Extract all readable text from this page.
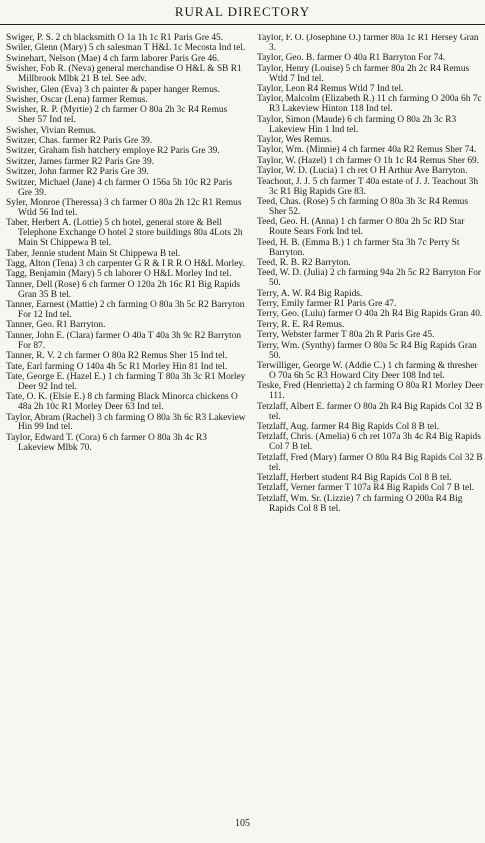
RURAL DIRECTORY

Swiger, P. S. 2 ch blacksmith O 1a 1h 1c R1 Paris Gre 45.

Swiler, Glenn (Mary) 5 ch salesman T H&L 1c Mecosta Ind tel.

Swinehart, Nelson (Mae) 4 ch farm laborer Paris Gre 46.

Swisher, Fob R. (Neva) general merchandise O H&L & SB R1 Millbrook Mlbk 21 B tel. See adv.

Swisher, Glen (Eva) 3 ch painter & paper hanger Remus.

Swisher, Oscar (Lena) farmer Remus.

Swisher, R. P. (Myrtie) 2 ch farmer O 80a 2h 3c R4 Remus Sher 57 Ind tel.

Swisher, Vivian Remus.

Switzer, Chas. farmer R2 Paris Gre 39.

Switzer, Graham fish hatchery employe R2 Paris Gre 39.

Switzer, James farmer R2 Paris Gre 39.

Switzer, John farmer R2 Paris Gre 39.

Switzer, Michael (Jane) 4 ch farmer O 156a 5h 10c R2 Paris Gre 39.

Syler, Monroe (Theressa) 3 ch farmer O 80a 2h 12c R1 Remus Wtld 56 Ind tel.

Taber, Herbert A. (Lottie) 5 ch hotel, general store & Bell Telephone Exchange O hotel 2 store buildings 80a 4Lots 2h Main St Chippewa B tel.

Taber, Jennie student Main St Chippewa B tel.

Tagg, Alton (Tena) 3 ch carpenter G R & I R R O H&L Morley.

Tagg, Benjamin (Mary) 5 ch laborer O H&L Morley Ind tel.

Tanner, Dell (Rose) 6 ch farmer O 120a 2h 16c R1 Big Rapids Gran 35 B tel.

Tanner, Earnest (Mattie) 2 ch farming O 80a 3h 5c R2 Barryton For 12 Ind tel.

Tanner, Geo. R1 Barryton.

Tanner, John E. (Clara) farmer O 40a T 40a 3h 9c R2 Barryton For 87.

Tanner, R. V. 2 ch farmer O 80a R2 Remus Sher 15 Ind tel.

Tate, Earl farming O 140a 4h 5c R1 Morley Hin 81 Ind tel.

Tate, George E. (Hazel E.) 1 ch farming T 80a 3h 3c R1 Morley Deer 92 Ind tel.

Tate, O. K. (Elsie E.) 8 ch farming Black Minorca chickens O 48a 2h 10c R1 Morley Deer 63 Ind tel.

Taylor, Abram (Rachel) 3 ch farming O 80a 3h 6c R3 Lakeview Hin 99 Ind tel.

Taylor, Edward T. (Cora) 6 ch farmer O 80a 3h 4c R3 Lakeview Mlbk 70.

Taylor, F. O. (Josephine O.) farmer 80a 1c R1 Hersey Gran 3.

Taylor, Geo. B. farmer O 40a R1 Barryton For 74.

Taylor, Henry (Louise) 5 ch farmer 80a 2h 2c R4 Remus Wtld 7 Ind tel.

Taylor, Leon R4 Remus Wtld 7 Ind tel.

Taylor, Malcolm (Elizabeth R.) 11 ch farming O 200a 6h 7c R3 Lakeview Hinton 118 Ind tel.

Taylor, Simon (Maude) 6 ch farming O 80a 2h 3c R3 Lakeview Hin 1 Ind tel.

Taylor, Wes Remus.

Taylor, Wm. (Minnie) 4 ch farmer 40a R2 Remus Sher 74.

Taylor, W. (Hazel) 1 ch farmer O 1h 1c R4 Remus Sher 69.

Taylor, W. D. (Lucia) 1 ch ret O H Arthur Ave Barryton.

Teachout, J. J. 5 ch farmer T 40a estate of J. J. Teachout 3h 3c R1 Big Rapids Gre 83.

Teed, Chas. (Rose) 5 ch farming O 80a 3h 3c R4 Remus Sher 52.

Teed, Geo. H. (Anna) 1 ch farmer O 80a 2h 5c RD Star Route Sears Fork Ind tel.

Teed, H. B. (Emma B.) 1 ch farmer Sta 3h 7c Perry St Barryton.

Teed, R. B. R2 Barryton.

Teed, W. D. (Julia) 2 ch farming 94a 2h 5c R2 Barryton For 50.

Terry, A. W. R4 Big Rapids.

Terry, Emily farmer R1 Paris Gre 47.

Terry, Geo. (Lulu) farmer O 40a 2h R4 Big Rapids Gran 40.

Terry, R. E. R4 Remus.

Terry, Webster farmer T 80a 2h R Paris Gre 45.

Terry, Wm. (Synthy) farmer O 80a 5c R4 Big Rapids Gran 50.

Terwilliger, George W. (Addie C.) 1 ch farming & thresher O 70a 6h 5c R3 Howard City Deer 108 Ind tel.

Teske, Fred (Henrietta) 2 ch farming O 80a R1 Morley Deer 111.

Tetzlaff, Albert E. farmer O 80a 2h R4 Big Rapids Col 32 B tel.

Tetzlaff, Aug. farmer R4 Big Rapids Col 8 B tel.

Tetzlaff, Chris. (Amelia) 6 ch ret 107a 3h 4c R4 Big Rapids Col 7 B tel.

Tetzlaff, Fred (Mary) farmer O 80a R4 Big Rapids Col 32 B tel.

Tetzlaff, Herbert student R4 Big Rapids Col 8 B tel.

Tetzlaff, Verner farmer T 107a R4 Big Rapids Col 7 B tel.

Tetzlaff, Wm. Sr. (Lizzie) 7 ch farming O 200a R4 Big Rapids Col 8 B tel.

105
